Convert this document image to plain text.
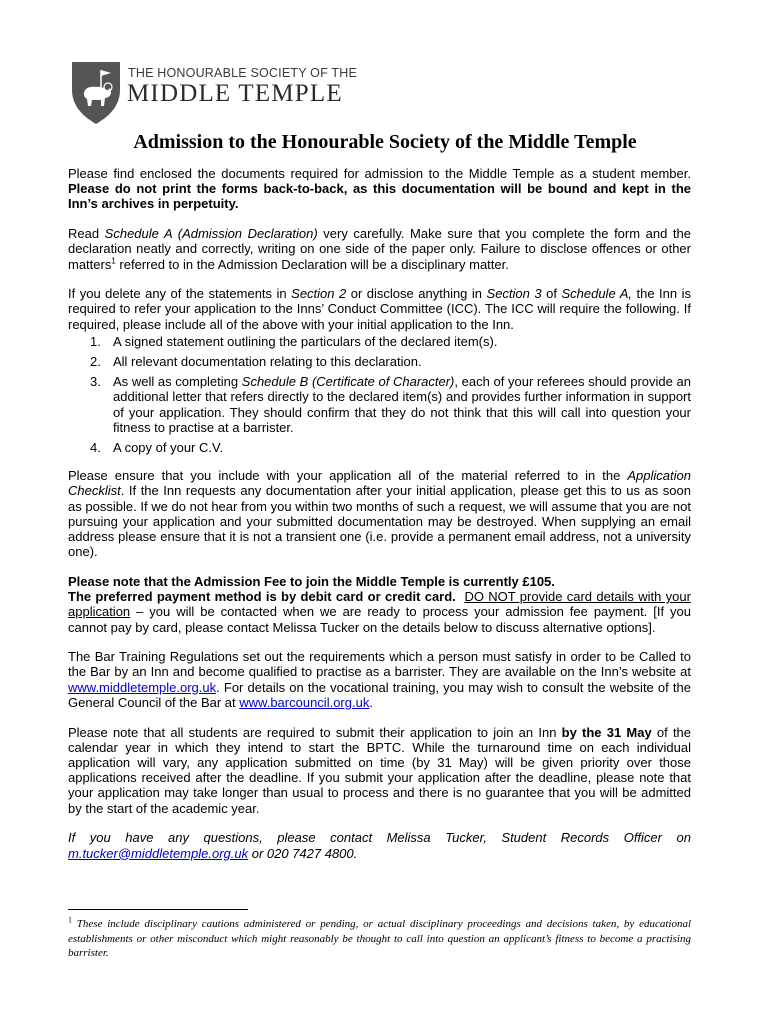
THE HONOURABLE SOCIETY OF THE
MIDDLE TEMPLE
Admission to the Honourable Society of the Middle Temple

Please find enclosed the documents required for admission to the Middle Temple as a student member. Please do not print the forms back-to-back, as this documentation will be bound and kept in the Inn’s archives in perpetuity.

Read Schedule A (Admission Declaration) very carefully. Make sure that you complete the form and the declaration neatly and correctly, writing on one side of the paper only. Failure to disclose offences or other matters$^1$ referred to in the Admission Declaration will be a disciplinary matter.

If you delete any of the statements in Section 2 or disclose anything in Section 3 of Schedule A, the Inn is required to refer your application to the Inns’ Conduct Committee (ICC). The ICC will require the following. If required, please include all of the above with your initial application to the Inn.

1. A signed statement outlining the particulars of the declared item(s).
2. All relevant documentation relating to this declaration.
3. As well as completing Schedule B (Certificate of Character), each of your referees should provide an additional letter that refers directly to the declared item(s) and provides further information in support of your application. They should confirm that they do not think that this will call into question your fitness to practise at a barrister.
4. A copy of your C.V.

Please ensure that you include with your application all of the material referred to in the Application Checklist. If the Inn requests any documentation after your initial application, please get this to us as soon as possible. If we do not hear from you within two months of such a request, we will assume that you are not pursuing your application and your submitted documentation may be destroyed. When supplying an email address please ensure that it is not a transient one (i.e. provide a permanent email address, not a university one).

Please note that the Admission Fee to join the Middle Temple is currently £105.
The preferred payment method is by debit card or credit card. DO NOT provide card details with your application – you will be contacted when we are ready to process your admission fee payment. [If you cannot pay by card, please contact Melissa Tucker on the details below to discuss alternative options].

The Bar Training Regulations set out the requirements which a person must satisfy in order to be Called to the Bar by an Inn and become qualified to practise as a barrister. They are available on the Inn’s website at www.middletemple.org.uk. For details on the vocational training, you may wish to consult the website of the General Council of the Bar at www.barcouncil.org.uk.

Please note that all students are required to submit their application to join an Inn by the 31 May of the calendar year in which they intend to start the BPTC. While the turnaround time on each individual application will vary, any application submitted on time (by 31 May) will be given priority over those applications received after the deadline. If you submit your application after the deadline, please note that your application may take longer than usual to process and there is no guarantee that you will be admitted by the start of the academic year.

If you have any questions, please contact Melissa Tucker, Student Records Officer on m.tucker@middletemple.org.uk or 020 7427 4800.

$^1$ These include disciplinary cautions administered or pending, or actual disciplinary proceedings and decisions taken, by educational establishments or other misconduct which might reasonably be thought to call into question an applicant’s fitness to become a practising barrister.
